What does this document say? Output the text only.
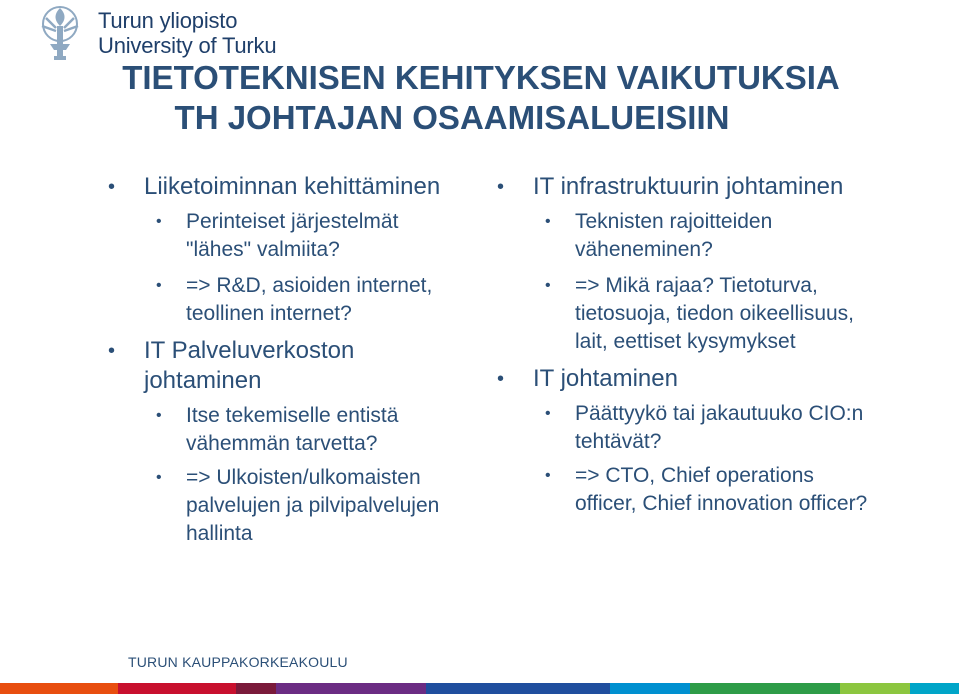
Turun yliopisto
University of Turku
TIETOTEKNISEN KEHITYKSEN VAIKUTUKSIA
TH JOHTAJAN OSAAMISALUEISIIN
• Liiketoiminnan kehittäminen
• Perinteiset järjestelmät "lähes" valmiita?
• => R&D, asioiden internet, teollinen internet?
• IT Palveluverkoston johtaminen
• Itse tekemiselle entistä vähemmän tarvetta?
• => Ulkoisten/ulkomaisten palvelujen ja pilvipalvelujen hallinta
• IT infrastruktuurin johtaminen
• Teknisten rajoitteiden väheneminen?
• => Mikä rajaa? Tietoturva, tietosuoja, tiedon oikeellisuus, lait, eettiset kysymykset
• IT johtaminen
• Päättyykö tai jakautuuko CIO:n tehtävät?
• => CTO, Chief operations officer, Chief innovation officer?
TURUN KAUPPAKORKEAKOULU
